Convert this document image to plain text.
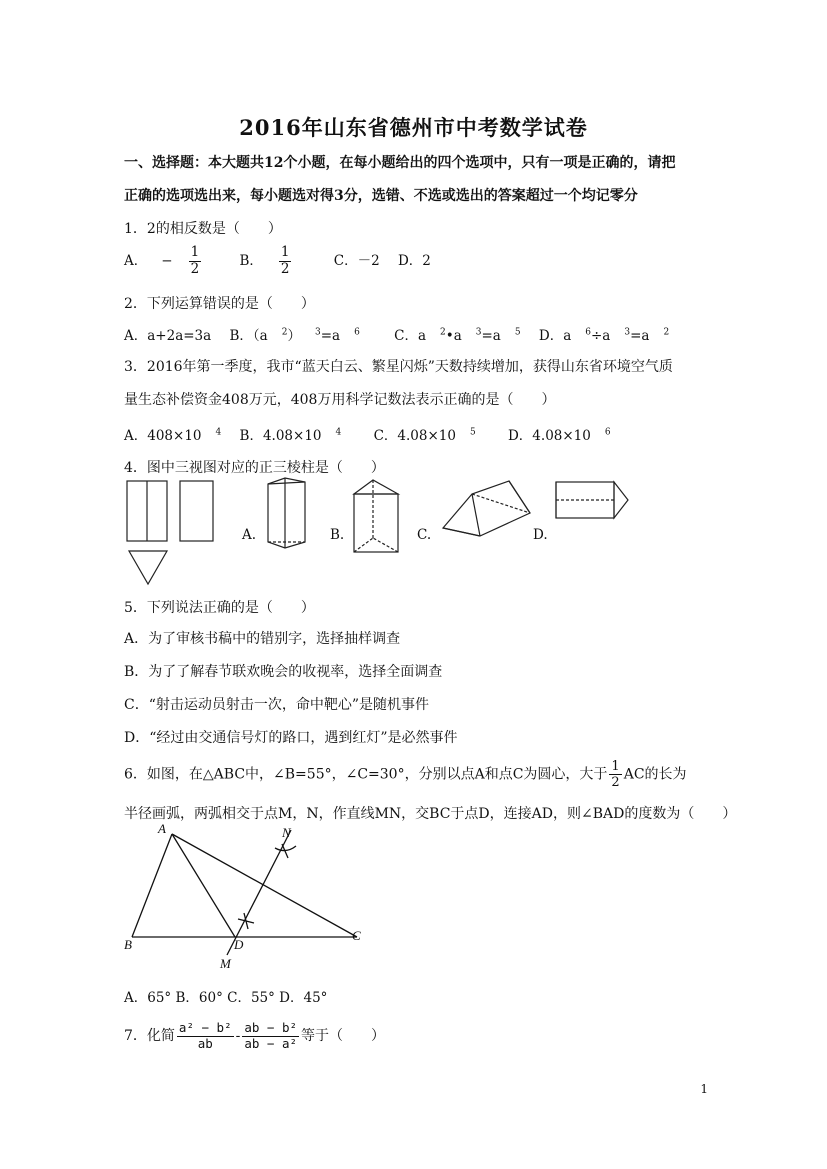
2016年山东省德州市中考数学试卷
一、选择题：本大题共12个小题，在每小题给出的四个选项中，只有一项是正确的，请把
正确的选项选出来，每小题选对得3分，选错、不选或选出的答案超过一个均记零分
1．2的相反数是（　　）
A． − $\frac{1}{2}$ B． $\frac{1}{2}$ C．－2 D．2
2．下列运算错误的是（　　）
A．a+2a=3a B．（a $^2$） $^3$=a $^6$	C．a $^2$•a $^3$=a $^5$ D．a $^6$÷a $^3$=a $^2$
3．2016年第一季度，我市“蓝天白云、繁星闪烁”天数持续增加，获得山东省环境空气质
量生态补偿资金408万元，408万用科学记数法表示正确的是（　　）
A．408×10 $^4$ B．4.08×10 $^4$ C．4.08×10 $^5$ D．4.08×10 $^6$
4．图中三视图对应的正三棱柱是（　　）
A.	B.	C.	D.
5．下列说法正确的是（　　）
A．为了审核书稿中的错别字，选择抽样调查
B．为了了解春节联欢晚会的收视率，选择全面调查
C．“射击运动员射击一次，命中靶心”是随机事件
D．“经过由交通信号灯的路口，遇到红灯”是必然事件
6．如图，在△ABC中，∠B=55°，∠C=30°，分别以点A和点C为圆心，大于 $\frac{1}{2}$ AC的长为
半径画弧，两弧相交于点M，N，作直线MN，交BC于点D，连接AD，则∠BAD的度数为（　　）
A
B
C
D
M
N
A．65° B．60° C．55° D．45°
7．化简 $\frac{\text{a² − b²}}{ab} - \frac{\text{ab − b²}}{\text{ab − a²}}$ 等于（　　）
1
